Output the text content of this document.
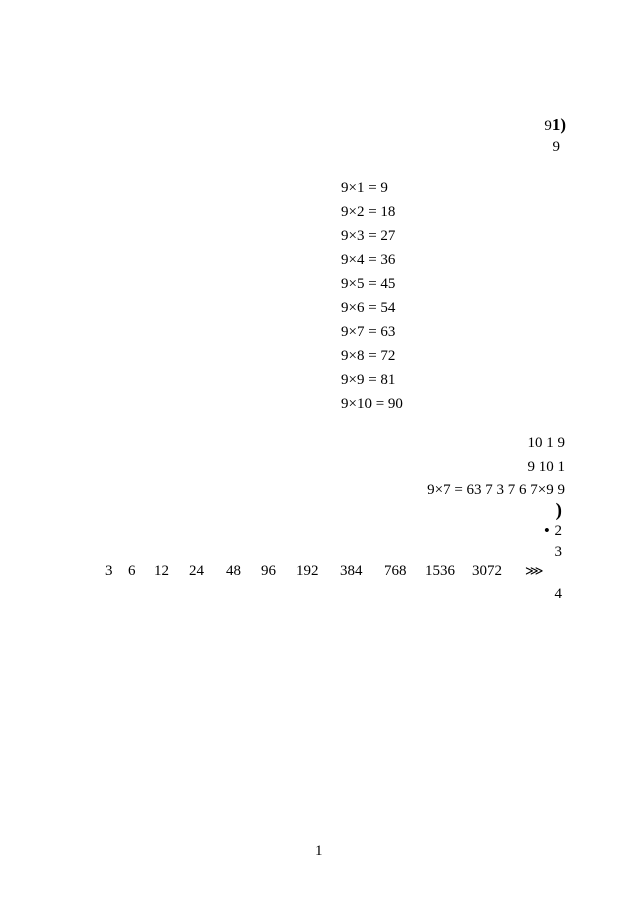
91)
9
9×1 = 9
9×2 = 18
9×3 = 27
9×4 = 36
9×5 = 45
9×6 = 54
9×7 = 63
9×8 = 72
9×9 = 81
9×10 = 90
10 1 9
9 10 1
9×7 = 63 7 3 7 6 7×9 9
)
• 2
3
3 6 12 24 48 96 192 384 768 1536 3072 ⋙
4
1
